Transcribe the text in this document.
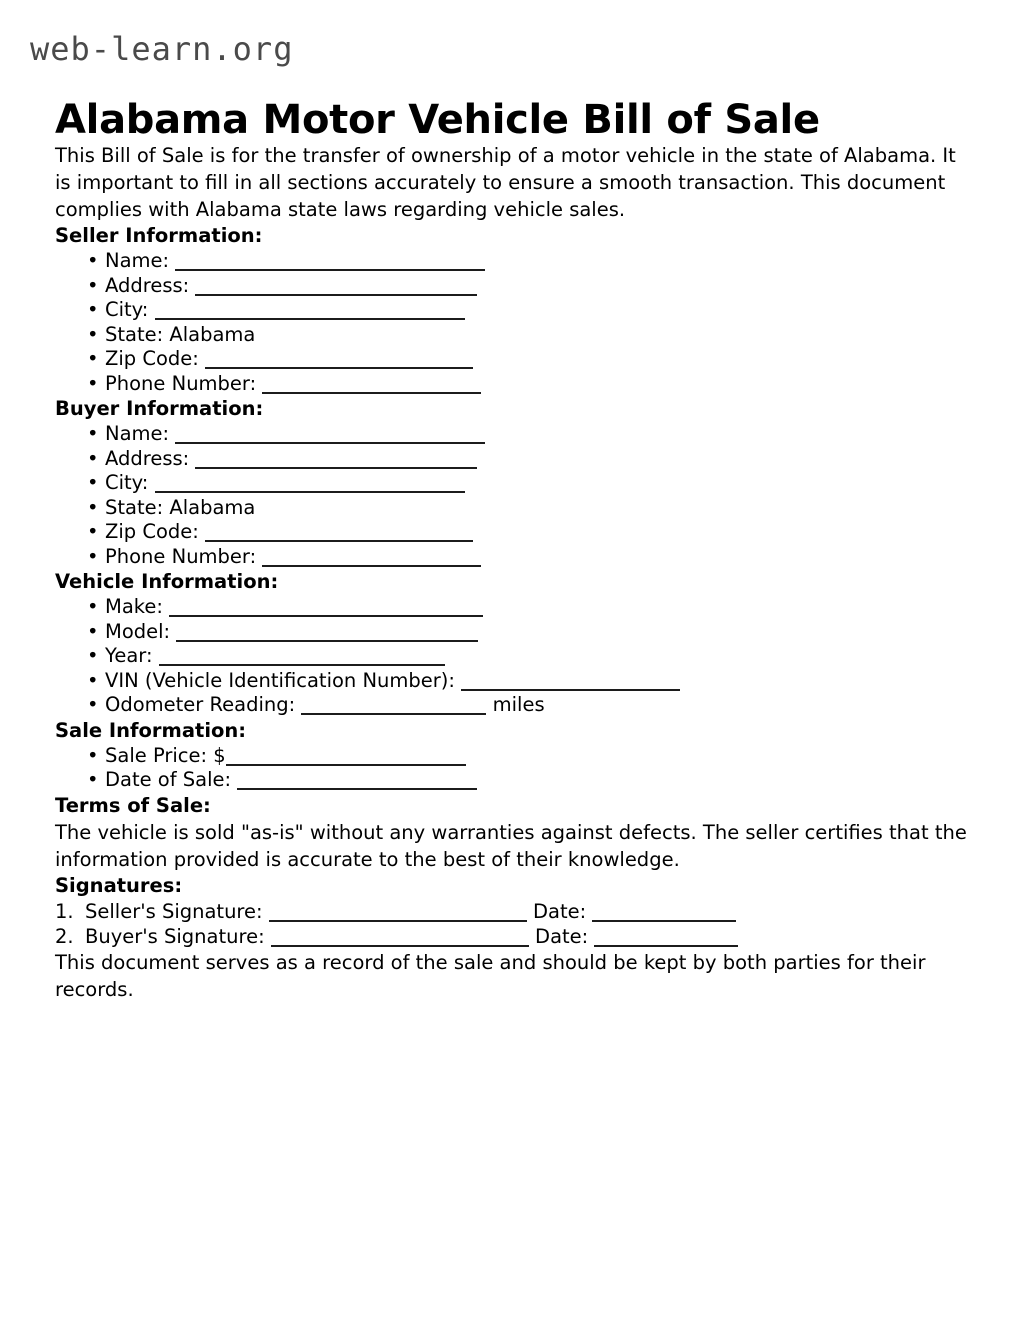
web-learn.org
Alabama Motor Vehicle Bill of Sale

This Bill of Sale is for the transfer of ownership of a motor vehicle in the state of Alabama. It is important to fill in all sections accurately to ensure a smooth transaction. This document complies with Alabama state laws regarding vehicle sales.

Seller Information:
• Name:
• Address:
• City:
• State: Alabama
• Zip Code:
• Phone Number:
Buyer Information:
• Name:
• Address:
• City:
• State: Alabama
• Zip Code:
• Phone Number:
Vehicle Information:
• Make:
• Model:
• Year:
• VIN (Vehicle Identification Number):
• Odometer Reading:	miles
Sale Information:
• Sale Price: $
• Date of Sale:
Terms of Sale:

The vehicle is sold "as-is" without any warranties against defects. The seller certifies that the information provided is accurate to the best of their knowledge.

Signatures:
1. Seller's Signature:	Date:
2. Buyer's Signature:	Date:

This document serves as a record of the sale and should be kept by both parties for their records.
